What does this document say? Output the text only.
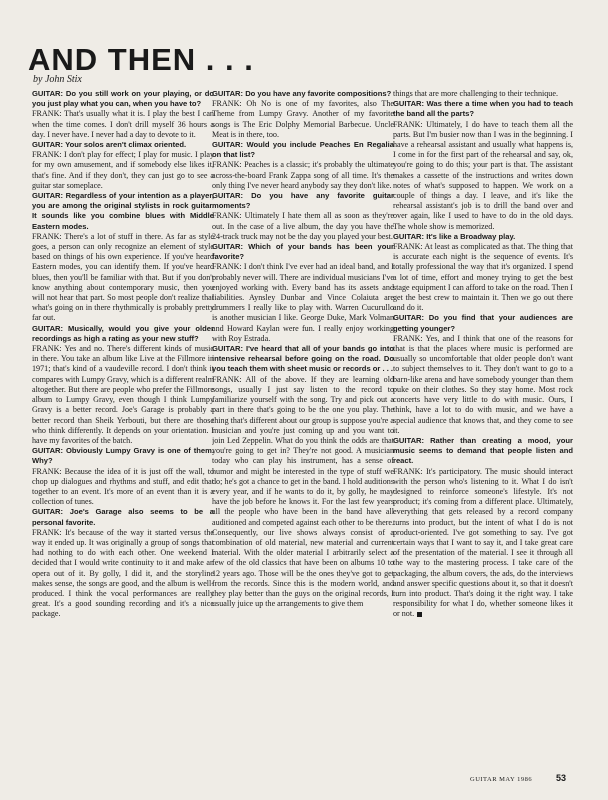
AND THEN . . .

by John Stix

GUITAR: Do you still work on your playing, or do you just play what you can, when you have to?

FRANK: That's usually what it is. I play the best I can when the time comes. I don't drill myself 36 hours a day. I never have. I never had a day to devote to it.

GUITAR: Your solos aren't climax oriented.

FRANK: I don't play for effect; I play for music. I play for my own amusement, and if somebody else likes it, that's fine. And if they don't, they can just go to see a guitar star someplace.

GUITAR: Regardless of your intention as a player, you are among the original stylists in rock guitar. It sounds like you combine blues with Middle Eastern modes.

FRANK: There's a lot of stuff in there. As far as style goes, a person can only recognize an element of style based on things of his own experience. If you've heard Eastern modes, you can identify them. If you've heard blues, then you'll be familiar with that. But if you don't know anything about contemporary music, then you will not hear that part. So most people don't realize that what's going on in there rhythmically is probably pretty far out.

GUITAR: Musically, would you give your older recordings as high a rating as your new stuff?

FRANK: Yes and no. There's different kinds of music in there. You take an album like Live at the Fillmore in 1971; that's kind of a vaudeville record. I don't think it compares with Lumpy Gravy, which is a different realm altogether. But there are people who prefer the Fillmore album to Lumpy Gravy, even though I think Lumpy Gravy is a better record. Joe's Garage is probably a better record than Sheik Yerbouti, but there are those who think differently. It depends on your orientation. I have my favorites of the batch.

GUITAR: Obviously Lumpy Gravy is one of them. Why?

FRANK: Because the idea of it is just off the wall, to chop up dialogues and rhythms and stuff, and edit that together to an event. It's more of an event than it is a collection of tunes.

GUITAR: Joe's Garage also seems to be a personal favorite.

FRANK: It's because of the way it started versus the way it ended up. It was originally a group of songs that had nothing to do with each other. One weekend I decided that I would write continuity to it and make an opera out of it. By golly, I did it, and the storyline makes sense, the songs are good, and the album is well-produced. I think the vocal performances are really great. It's a good sounding recording and it's a nice package.

GUITAR: Do you have any favorite compositions?

FRANK: Oh No is one of my favorites, also The Theme from Lumpy Gravy. Another of my favorite songs is The Eric Dolphy Memorial Barbecue. Uncle Meat is in there, too.

GUITAR: Would you include Peaches En Regalia on that list?

FRANK: Peaches is a classic; it's probably the ultimate across-the-board Frank Zappa song of all time. It's the only thing I've never heard anybody say they don't like.

GUITAR: Do you have any favorite guitar moments?

FRANK: Ultimately I hate them all as soon as they're out. In the case of a live album, the day you have the 24-track truck may not be the day you played your best.

GUITAR: Which of your bands has been your favorite?

FRANK: I don't think I've ever had an ideal band, and I probably never will. There are individual musicians I've enjoyed working with. Every band has its assets and liabilities. Aynsley Dunbar and Vince Colaiuta are drummers I really like to play with. Warren Cucurullo is another musician I like. George Duke, Mark Volman and Howard Kaylan were fun. I really enjoy working with Roy Estrada.

GUITAR: I've heard that all of your bands go into intensive rehearsal before going on the road. Do you teach them with sheet music or records or . . .

FRANK: All of the above. If they are learning old songs, usually I just say listen to the record to familiarize yourself with the song. Try and pick out a part in there that's going to be the one you play. The thing that's different about our group is suppose you're a musician and you're just coming up and you want to join Led Zeppelin. What do you think the odds are that you're going to get in? They're not good. A musician today who can play his instrument, has a sense of humor and might be interested in the type of stuff we do; he's got a chance to get in the band. I hold auditions every year, and if he wants to do it, by golly, he may have the job before he knows it. For the last few years all the people who have been in the band have all auditioned and competed against each other to be there. Consequently, our live shows always consist of a combination of old material, new material and current material. With the older material I arbitrarily select a few of the old classics that have been on albums 10 to 12 years ago. Those will be the ones they've got to get from the records. Since this is the modern world, and they play better than the guys on the original records, I usually juice up the arrangements to give them

things that are more challenging to their technique.

GUITAR: Was there a time when you had to teach the band all the parts?

FRANK: Ultimately, I do have to teach them all the parts. But I'm busier now than I was in the beginning. I have a rehearsal assistant and usually what happens is, I come in for the first part of the rehearsal and say, ok, you're going to do this; your part is that. The assistant makes a cassette of the instructions and writes down notes of what's supposed to happen. We work on a couple of things a day. I leave, and it's like the rehearsal assistant's job is to drill the band over and over again, like I used to have to do in the old days. The whole show is memorized.

GUITAR: It's like a Broadway play.

FRANK: At least as complicated as that. The thing that is accurate each night is the sequence of events. It's totally professional the way that it's organized. I spend a lot of time, effort and money trying to get the best stage equipment I can afford to take on the road. Then I get the best crew to maintain it. Then we go out there and do it.

GUITAR: Do you find that your audiences are getting younger?

FRANK: Yes, and I think that one of the reasons for that is that the places where music is performed are usually so uncomfortable that older people don't want to subject themselves to it. They don't want to go to a barn-like arena and have somebody younger than them puke on their clothes. So they stay home. Most rock concerts have very little to do with music. Ours, I think, have a lot to do with music, and we have a special audience that knows that, and they come to see it.

GUITAR: Rather than creating a mood, your music seems to demand that people listen and react.

FRANK: It's participatory. The music should interact with the person who's listening to it. What I do isn't designed to reinforce someone's lifestyle. It's not product; it's coming from a different place. Ultimately, everything that gets released by a record company turns into product, but the intent of what I do is not product-oriented. I've got something to say. I've got certain ways that I want to say it, and I take great care of the presentation of the material. I see it through all the way to the mastering process. I take care of the packaging, the album covers, the ads, do the interviews and answer specific questions about it, so that it doesn't turn into product. That's doing it the right way. I take responsibility for what I do, whether someone likes it or not.

GUITAR MAY 1986	53
